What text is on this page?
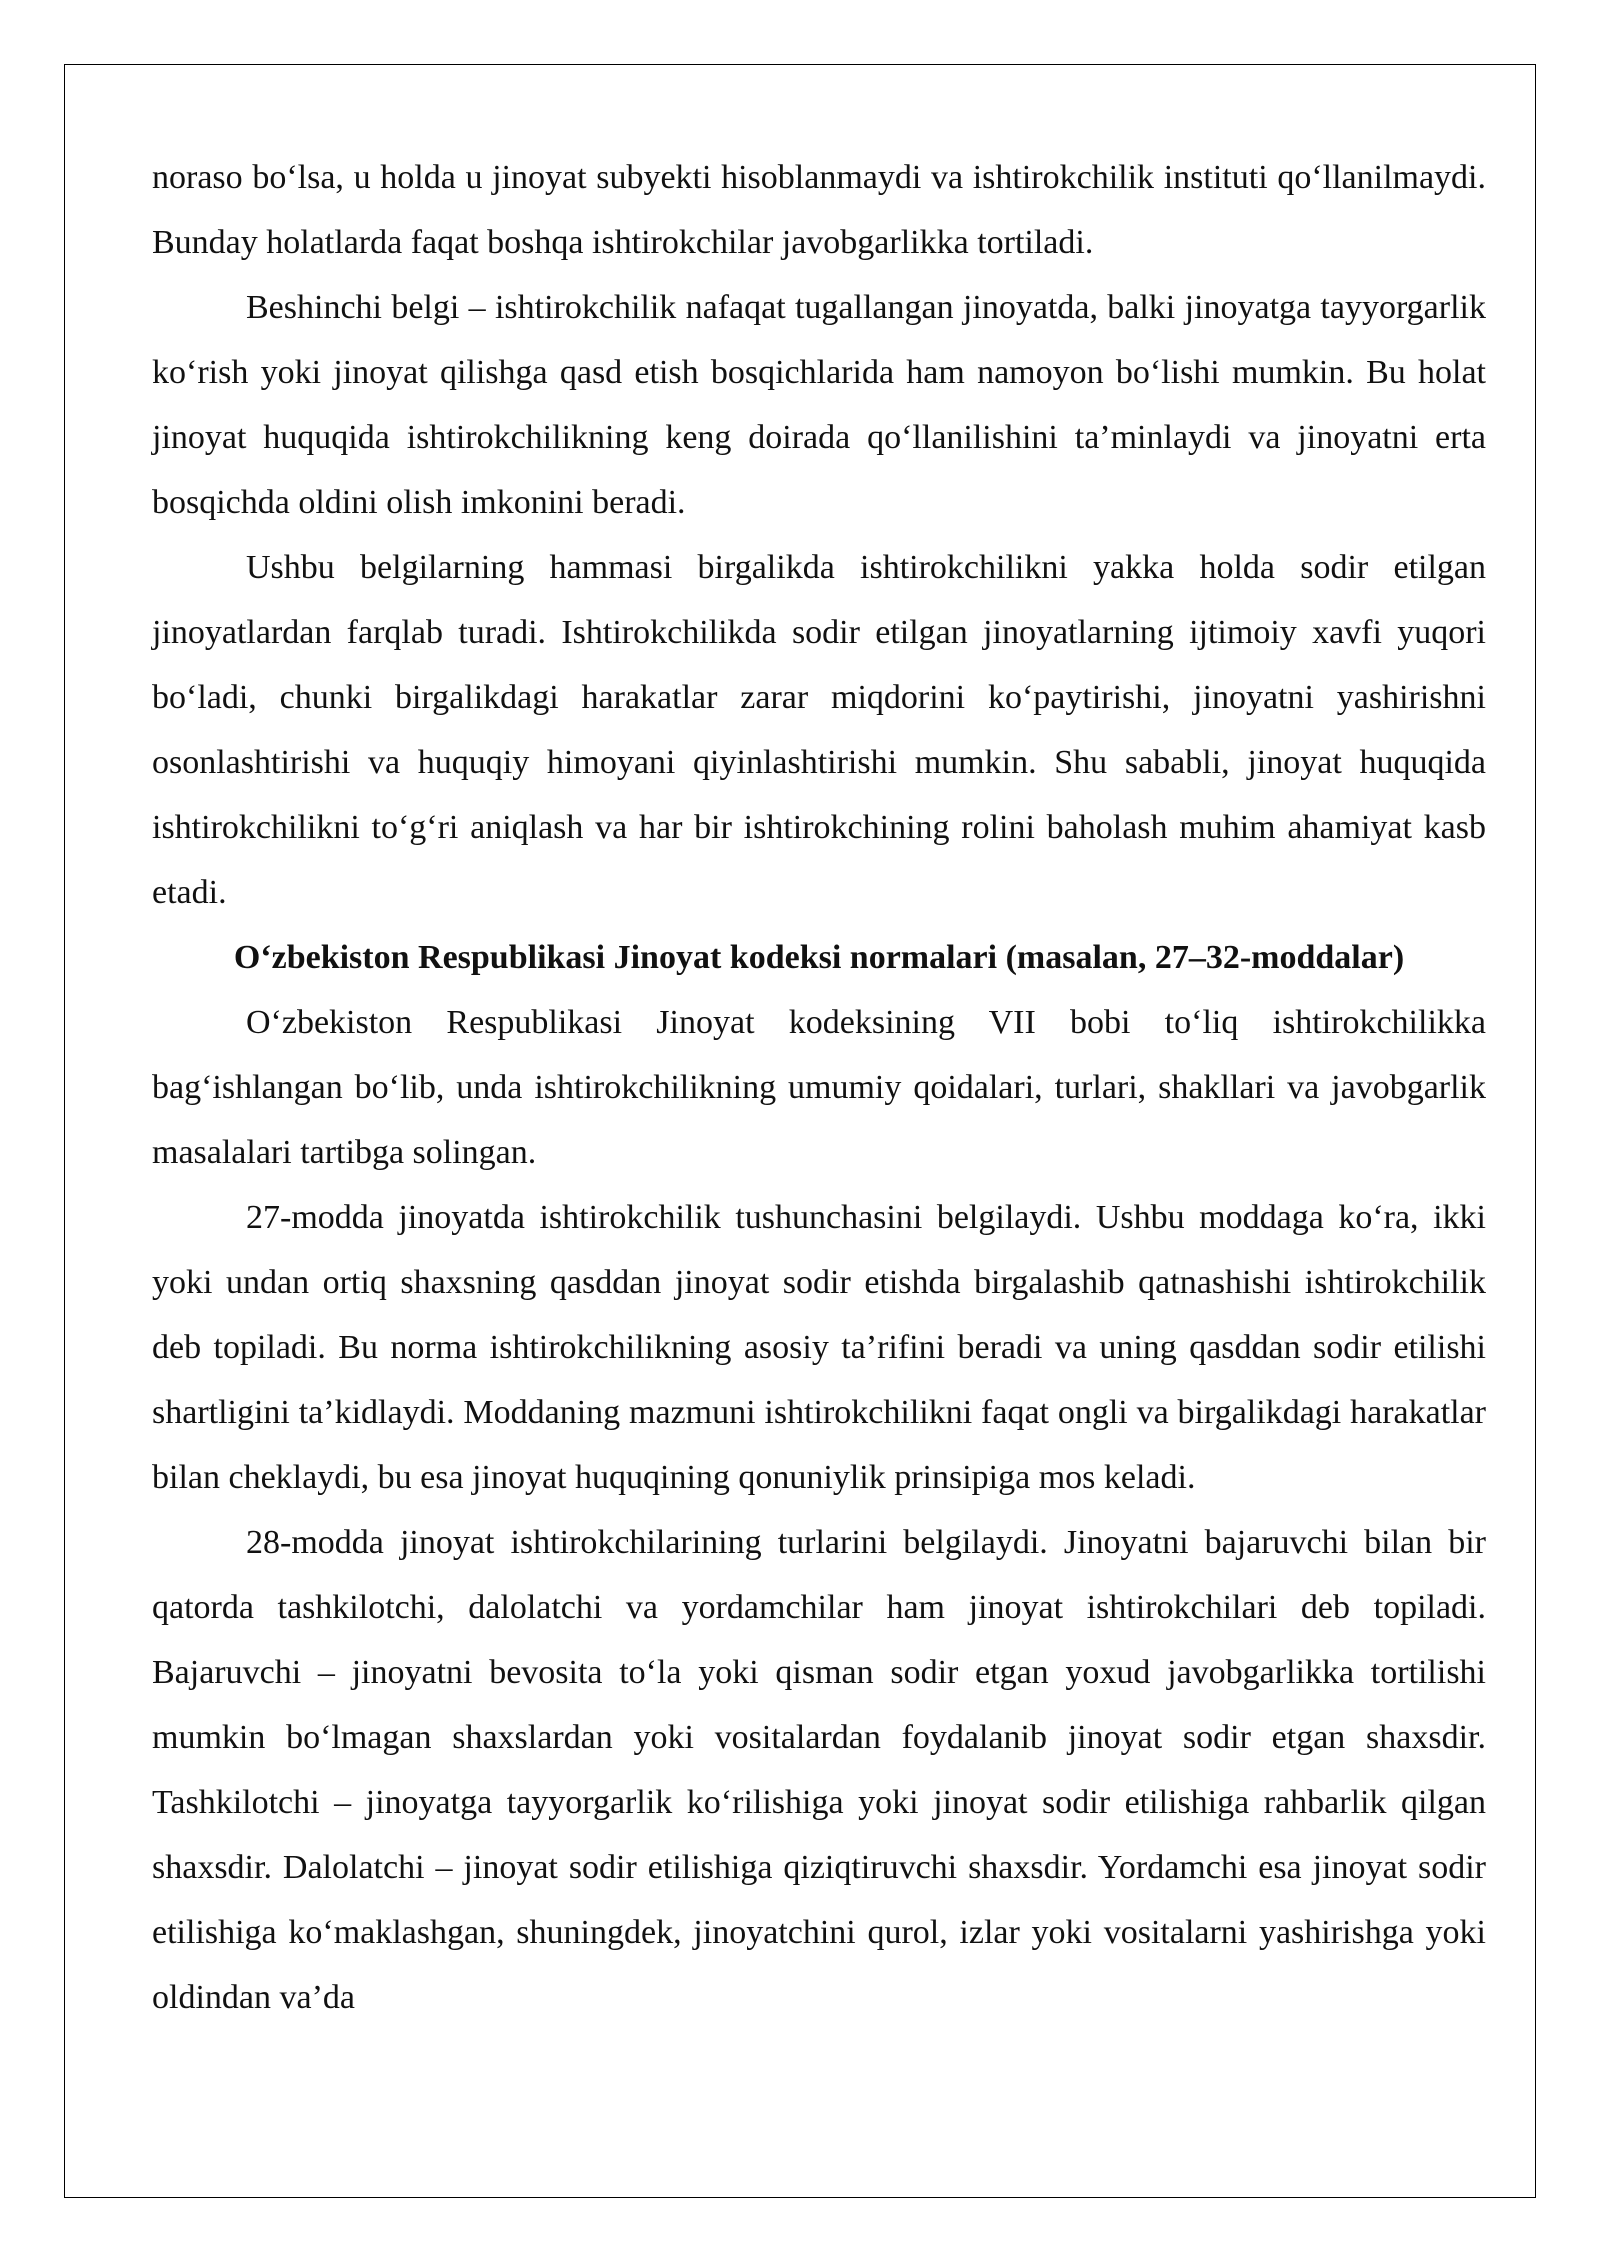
noraso bo‘lsa, u holda u jinoyat subyekti hisoblanmaydi va ishtirokchilik instituti qo‘llanilmaydi. Bunday holatlarda faqat boshqa ishtirokchilar javobgarlikka tortiladi.

Beshinchi belgi – ishtirokchilik nafaqat tugallangan jinoyatda, balki jinoyatga tayyorgarlik ko‘rish yoki jinoyat qilishga qasd etish bosqichlarida ham namoyon bo‘lishi mumkin. Bu holat jinoyat huquqida ishtirokchilikning keng doirada qo‘llanilishini ta’minlaydi va jinoyatni erta bosqichda oldini olish imkonini beradi.

Ushbu belgilarning hammasi birgalikda ishtirokchilikni yakka holda sodir etilgan jinoyatlardan farqlab turadi. Ishtirokchilikda sodir etilgan jinoyatlarning ijtimoiy xavfi yuqori bo‘ladi, chunki birgalikdagi harakatlar zarar miqdorini ko‘paytirishi, jinoyatni yashirishni osonlashtirishi va huquqiy himoyani qiyinlashtirishi mumkin. Shu sababli, jinoyat huquqida ishtirokchilikni to‘g‘ri aniqlash va har bir ishtirokchining rolini baholash muhim ahamiyat kasb etadi.

O‘zbekiston Respublikasi Jinoyat kodeksi normalari (masalan, 27–32-moddalar)

O‘zbekiston Respublikasi Jinoyat kodeksining VII bobi to‘liq ishtirokchilikka bag‘ishlangan bo‘lib, unda ishtirokchilikning umumiy qoidalari, turlari, shakllari va javobgarlik masalalari tartibga solingan.

27-modda jinoyatda ishtirokchilik tushunchasini belgilaydi. Ushbu moddaga ko‘ra, ikki yoki undan ortiq shaxsning qasddan jinoyat sodir etishda birgalashib qatnashishi ishtirokchilik deb topiladi. Bu norma ishtirokchilikning asosiy ta’rifini beradi va uning qasddan sodir etilishi shartligini ta’kidlaydi. Moddaning mazmuni ishtirokchilikni faqat ongli va birgalikdagi harakatlar bilan cheklaydi, bu esa jinoyat huquqining qonuniylik prinsipiga mos keladi.

28-modda jinoyat ishtirokchilarining turlarini belgilaydi. Jinoyatni bajaruvchi bilan bir qatorda tashkilotchi, dalolatchi va yordamchilar ham jinoyat ishtirokchilari deb topiladi. Bajaruvchi – jinoyatni bevosita to‘la yoki qisman sodir etgan yoxud javobgarlikka tortilishi mumkin bo‘lmagan shaxslardan yoki vositalardan foydalanib jinoyat sodir etgan shaxsdir. Tashkilotchi – jinoyatga tayyorgarlik ko‘rilishiga yoki jinoyat sodir etilishiga rahbarlik qilgan shaxsdir. Dalolatchi – jinoyat sodir etilishiga qiziqtiruvchi shaxsdir. Yordamchi esa jinoyat sodir etilishiga ko‘maklashgan, shuningdek, jinoyatchini qurol, izlar yoki vositalarni yashirishga yoki oldindan va’da
